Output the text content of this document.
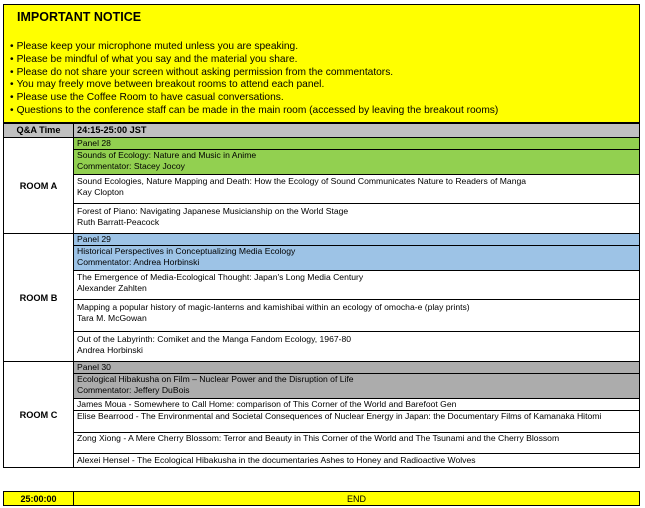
IMPORTANT NOTICE
• Please keep your microphone muted unless you are speaking.
• Please be mindful of what you say and the material you share.
• Please do not share your screen without asking permission from the commentators.
• You may freely move between breakout rooms to attend each panel.
• Please use the Coffee Room to have casual conversations.
• Questions to the conference staff can be made in the main room (accessed by leaving the breakout rooms)
Q&A Time	24:15-25:00 JST
ROOM A	Panel 28

	Sounds of Ecology: Nature and Music in Anime
Commentator: Stacey Jocoy

	Sound Ecologies, Nature Mapping and Death: How the Ecology of Sound Communicates Nature to Readers of Manga
Kay Clopton

	Forest of Piano: Navigating Japanese Musicianship on the World Stage
Ruth Barratt-Peacock

ROOM B	Panel 29

	Historical Perspectives in Conceptualizing Media Ecology
Commentator: Andrea Horbinski

	The Emergence of Media-Ecological Thought: Japan's Long Media Century
Alexander Zahlten

	Mapping a popular history of magic-lanterns and kamishibai within an ecology of omocha-e (play prints)
Tara M. McGowan

	Out of the Labyrinth: Comiket and the Manga Fandom Ecology, 1967-80
Andrea Horbinski

ROOM C	Panel 30

	Ecological Hibakusha on Film – Nuclear Power and the Disruption of Life
Commentator: Jeffery DuBois

	James Moua - Somewhere to Call Home: comparison of This Corner of the World and Barefoot Gen

	Elise Bearrood - The Environmental and Societal Consequences of Nuclear Energy in Japan: the Documentary Films of Kamanaka Hitomi

	Zong Xiong - A Mere Cherry Blossom: Terror and Beauty in This Corner of the World and The Tsunami and the Cherry Blossom

	Alexei Hensel - The Ecological Hibakusha in the documentaries Ashes to Honey and Radioactive Wolves
25:00:00	END
